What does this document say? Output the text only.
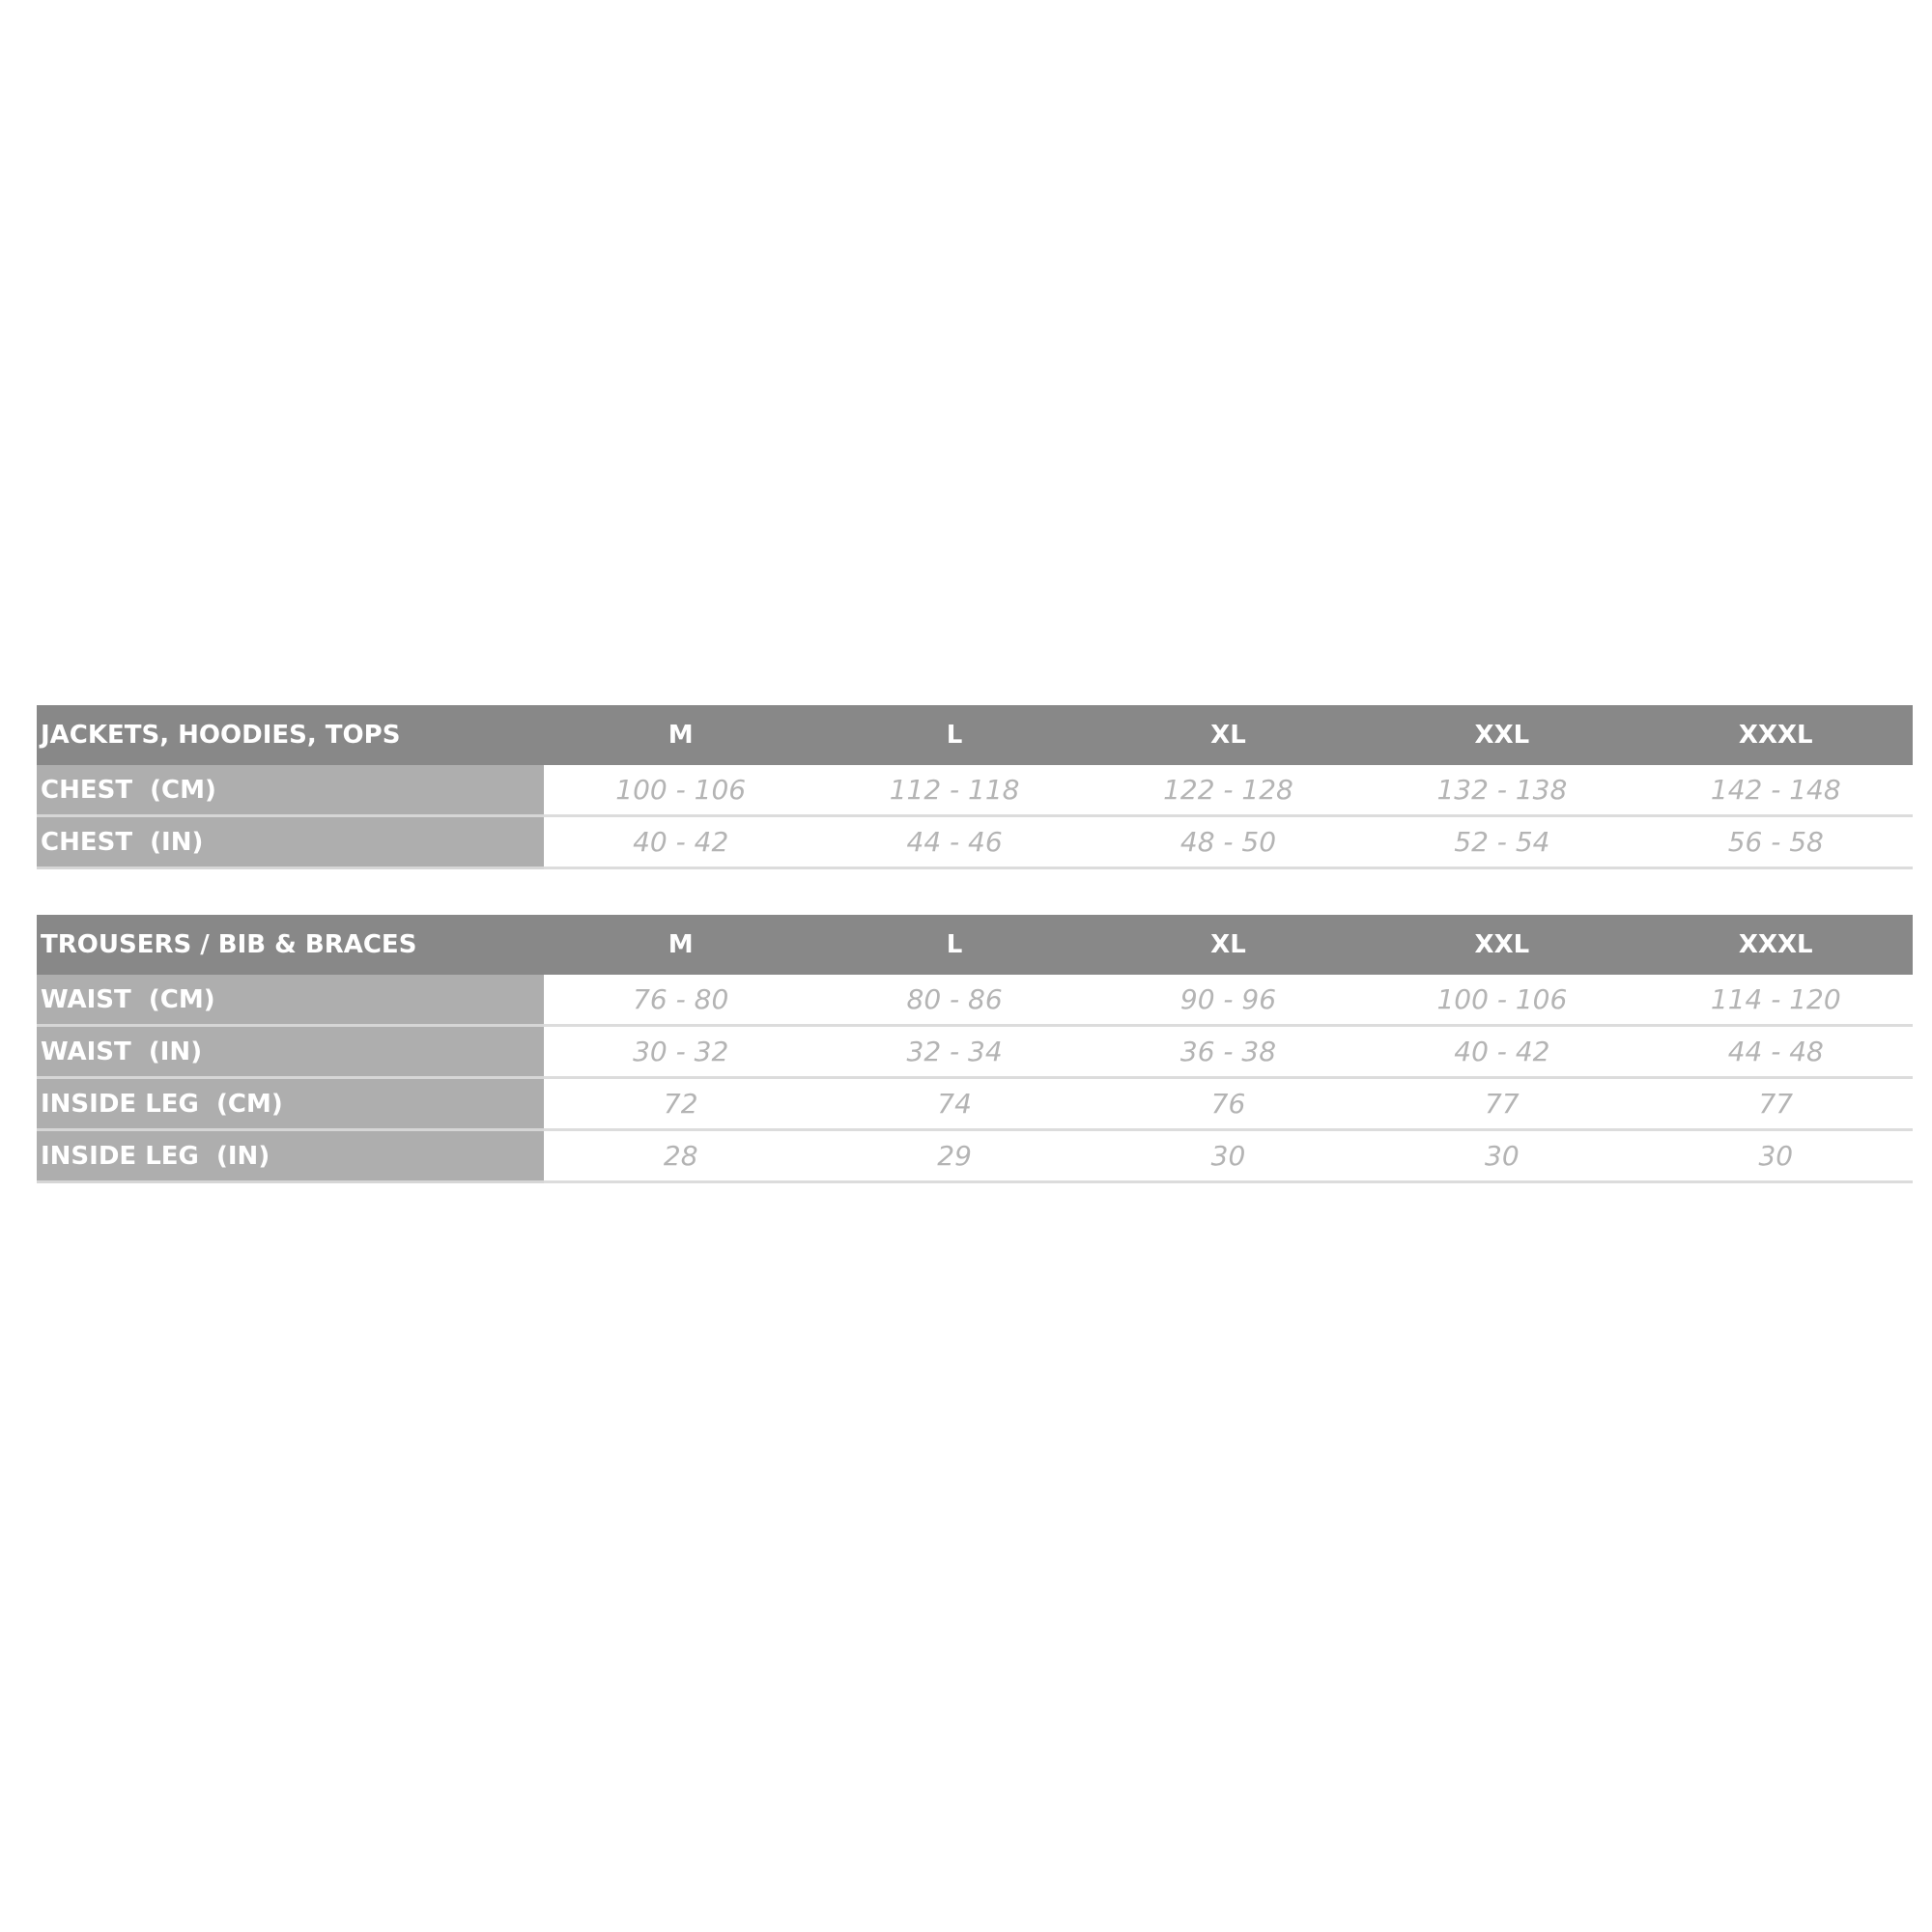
JACKETS, HOODIES, TOPS	M	L	XL	XXL	XXXL
CHEST  (CM)	100 - 106	112 - 118	122 - 128	132 - 138	142 - 148
CHEST  (IN)	40 - 42	44 - 46	48 - 50	52 - 54	56 - 58
TROUSERS / BIB & BRACES	M	L	XL	XXL	XXXL
WAIST  (CM)	76 - 80	80 - 86	90 - 96	100 - 106	114 - 120
WAIST  (IN)	30 - 32	32 - 34	36 - 38	40 - 42	44 - 48
INSIDE LEG  (CM)	72	74	76	77	77
INSIDE LEG  (IN)	28	29	30	30	30
